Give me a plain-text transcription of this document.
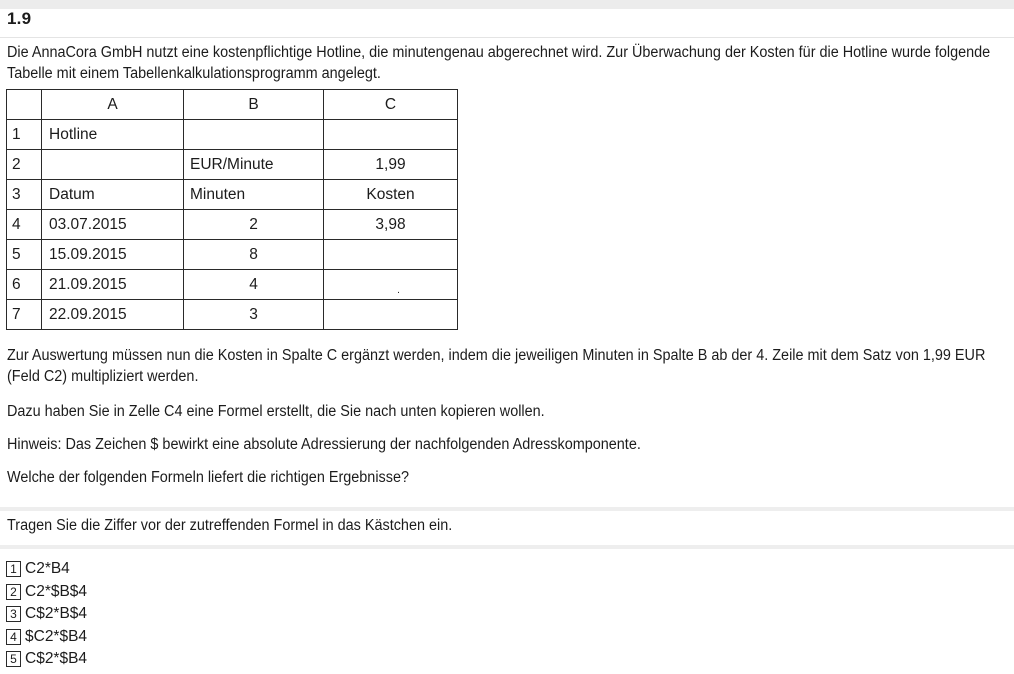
1.9
Die AnnaCora GmbH nutzt eine kostenpflichtige Hotline, die minutengenau abgerechnet wird. Zur Überwachung der Kosten für die Hotline wurde folgende Tabelle mit einem Tabellenkalkulationsprogramm angelegt.
	A	B	C
1	Hotline		
2		EUR/Minute	1,99
3	Datum	Minuten	Kosten
4	03.07.2015	2	3,98
5	15.09.2015	8	
6	21.09.2015	4	$_.$
7	22.09.2015	3	
Zur Auswertung müssen nun die Kosten in Spalte C ergänzt werden, indem die jeweiligen Minuten in Spalte B ab der 4. Zeile mit dem Satz von 1,99 EUR (Feld C2) multipliziert werden.
Dazu haben Sie in Zelle C4 eine Formel erstellt, die Sie nach unten kopieren wollen.
Hinweis: Das Zeichen $ bewirkt eine absolute Adressierung der nachfolgenden Adresskomponente.
Welche der folgenden Formeln liefert die richtigen Ergebnisse?
Tragen Sie die Ziffer vor der zutreffenden Formel in das Kästchen ein.
1 C2*B4
2 C2*$B$4
3 C$2*B$4
4 $C2*$B4
5 C$2*$B4
